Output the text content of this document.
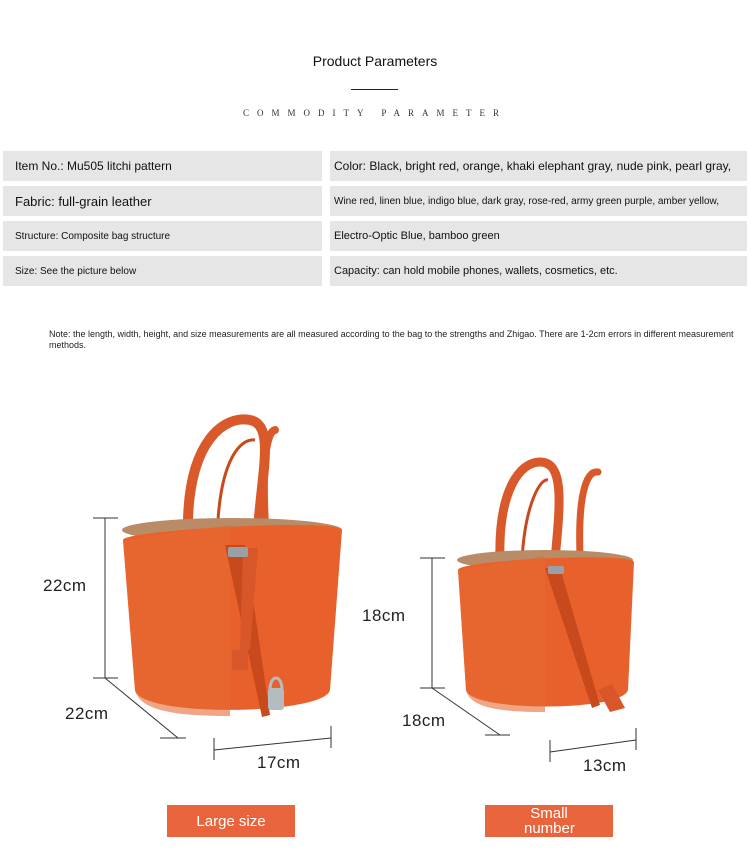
Product Parameters
COMMODITY PARAMETER
Item No.: Mu505 litchi pattern
Fabric: full-grain leather
Structure: Composite bag structure
Size: See the picture below
Color: Black, bright red, orange, khaki elephant gray, nude pink, pearl gray,
Wine red, linen blue, indigo blue, dark gray, rose-red, army green purple, amber yellow,
Electro-Optic Blue, bamboo green
Capacity: can hold mobile phones, wallets, cosmetics, etc.
Note: the length, width, height, and size measurements are all measured according to the bag to the strengths and Zhigao. There are 1-2cm errors in different measurement methods.
22cm
22cm
17cm
18cm
18cm
13cm
Large size	Small number
